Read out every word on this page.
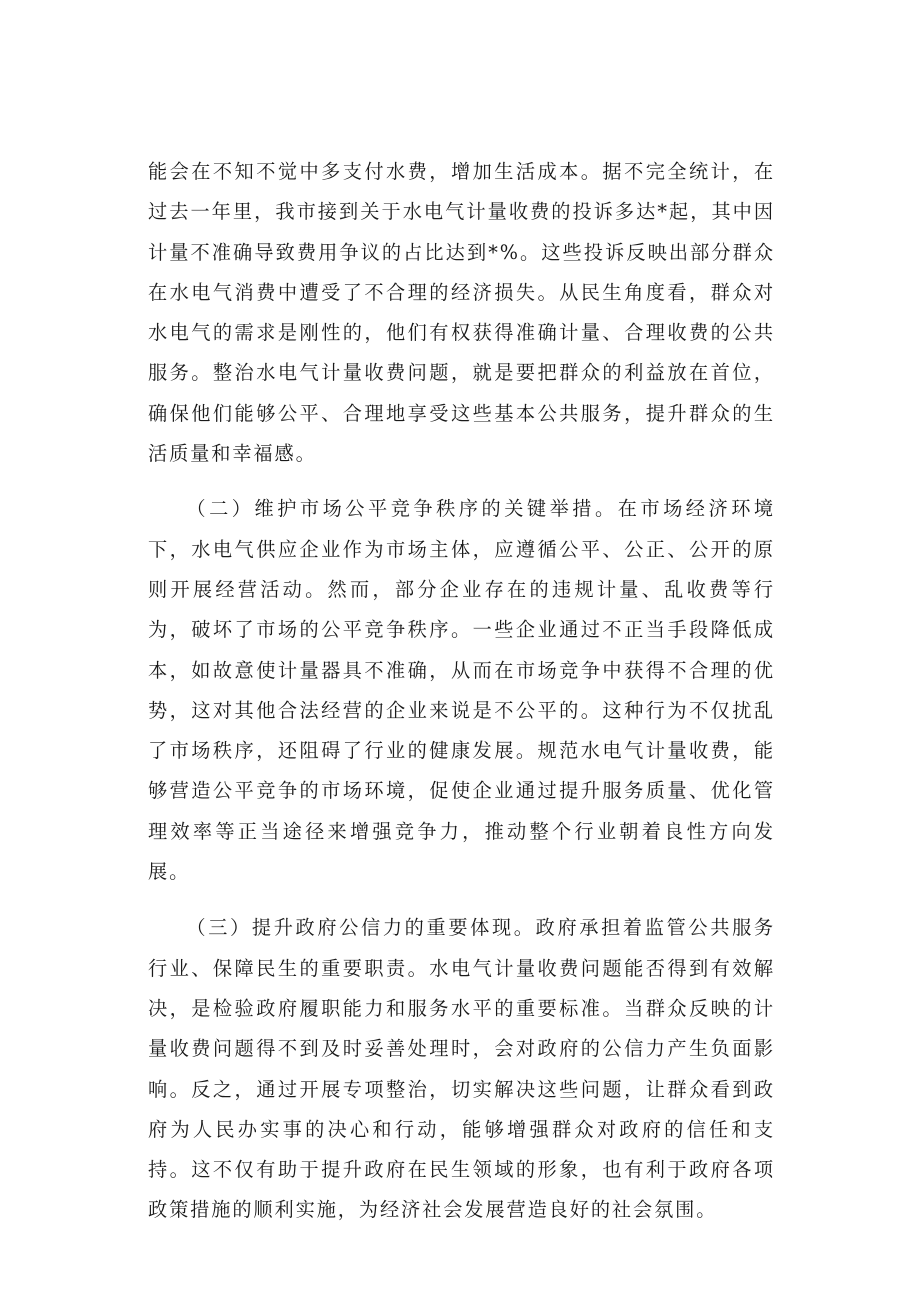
能会在不知不觉中多支付水费，增加生活成本。据不完全统计，在过去一年里，我市接到关于水电气计量收费的投诉多达*起，其中因计量不准确导致费用争议的占比达到*%。这些投诉反映出部分群众在水电气消费中遭受了不合理的经济损失。从民生角度看，群众对水电气的需求是刚性的，他们有权获得准确计量、合理收费的公共服务。整治水电气计量收费问题，就是要把群众的利益放在首位，确保他们能够公平、合理地享受这些基本公共服务，提升群众的生活质量和幸福感。

（二）维护市场公平竞争秩序的关键举措。在市场经济环境下，水电气供应企业作为市场主体，应遵循公平、公正、公开的原则开展经营活动。然而，部分企业存在的违规计量、乱收费等行为，破坏了市场的公平竞争秩序。一些企业通过不正当手段降低成本，如故意使计量器具不准确，从而在市场竞争中获得不合理的优势，这对其他合法经营的企业来说是不公平的。这种行为不仅扰乱了市场秩序，还阻碍了行业的健康发展。规范水电气计量收费，能够营造公平竞争的市场环境，促使企业通过提升服务质量、优化管理效率等正当途径来增强竞争力，推动整个行业朝着良性方向发展。

（三）提升政府公信力的重要体现。政府承担着监管公共服务行业、保障民生的重要职责。水电气计量收费问题能否得到有效解决，是检验政府履职能力和服务水平的重要标准。当群众反映的计量收费问题得不到及时妥善处理时，会对政府的公信力产生负面影响。反之，通过开展专项整治，切实解决这些问题，让群众看到政府为人民办实事的决心和行动，能够增强群众对政府的信任和支持。这不仅有助于提升政府在民生领域的形象，也有利于政府各项政策措施的顺利实施，为经济社会发展营造良好的社会氛围。
